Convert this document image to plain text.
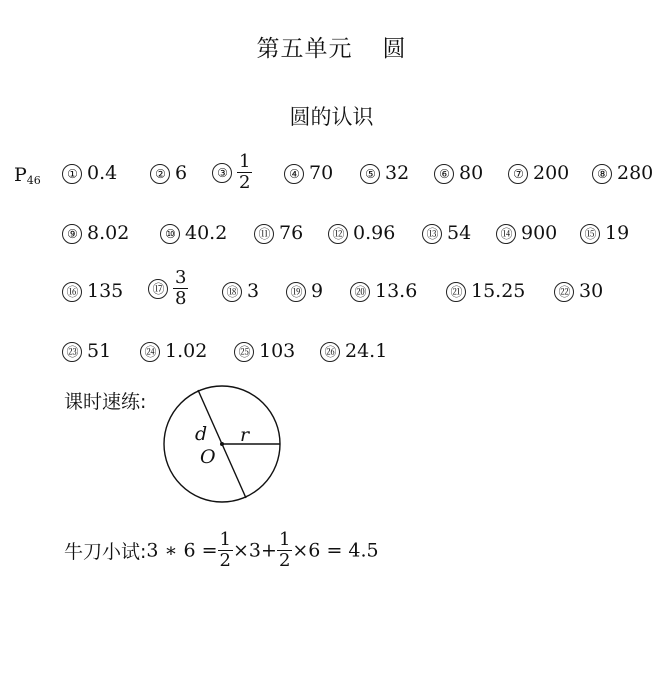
第五单元 圆
圆的认识
$P_{46}$	① 0.4	② 6	③ $\frac{1}{2}$	④ 70	⑤ 32	⑥ 80	⑦ 200	⑧ 280
⑨ 8.02	⑩ 40.2	⑪ 76	⑫ 0.96	⑬ 54	⑭ 900	⑮ 19
⑯ 135	⑰ $\frac{3}{8}$	⑱ 3	⑲ 9	⑳ 13.6	㉑ 15.25	㉒ 30
㉓ 51	㉔ 1.02	㉕ 103	㉖ 24.1
课时速练:
d r
O
牛刀小试:3 ∗ $6 = \frac{1}{2} \times 3+ \frac{1}{2} \times 6 = 4.5$
